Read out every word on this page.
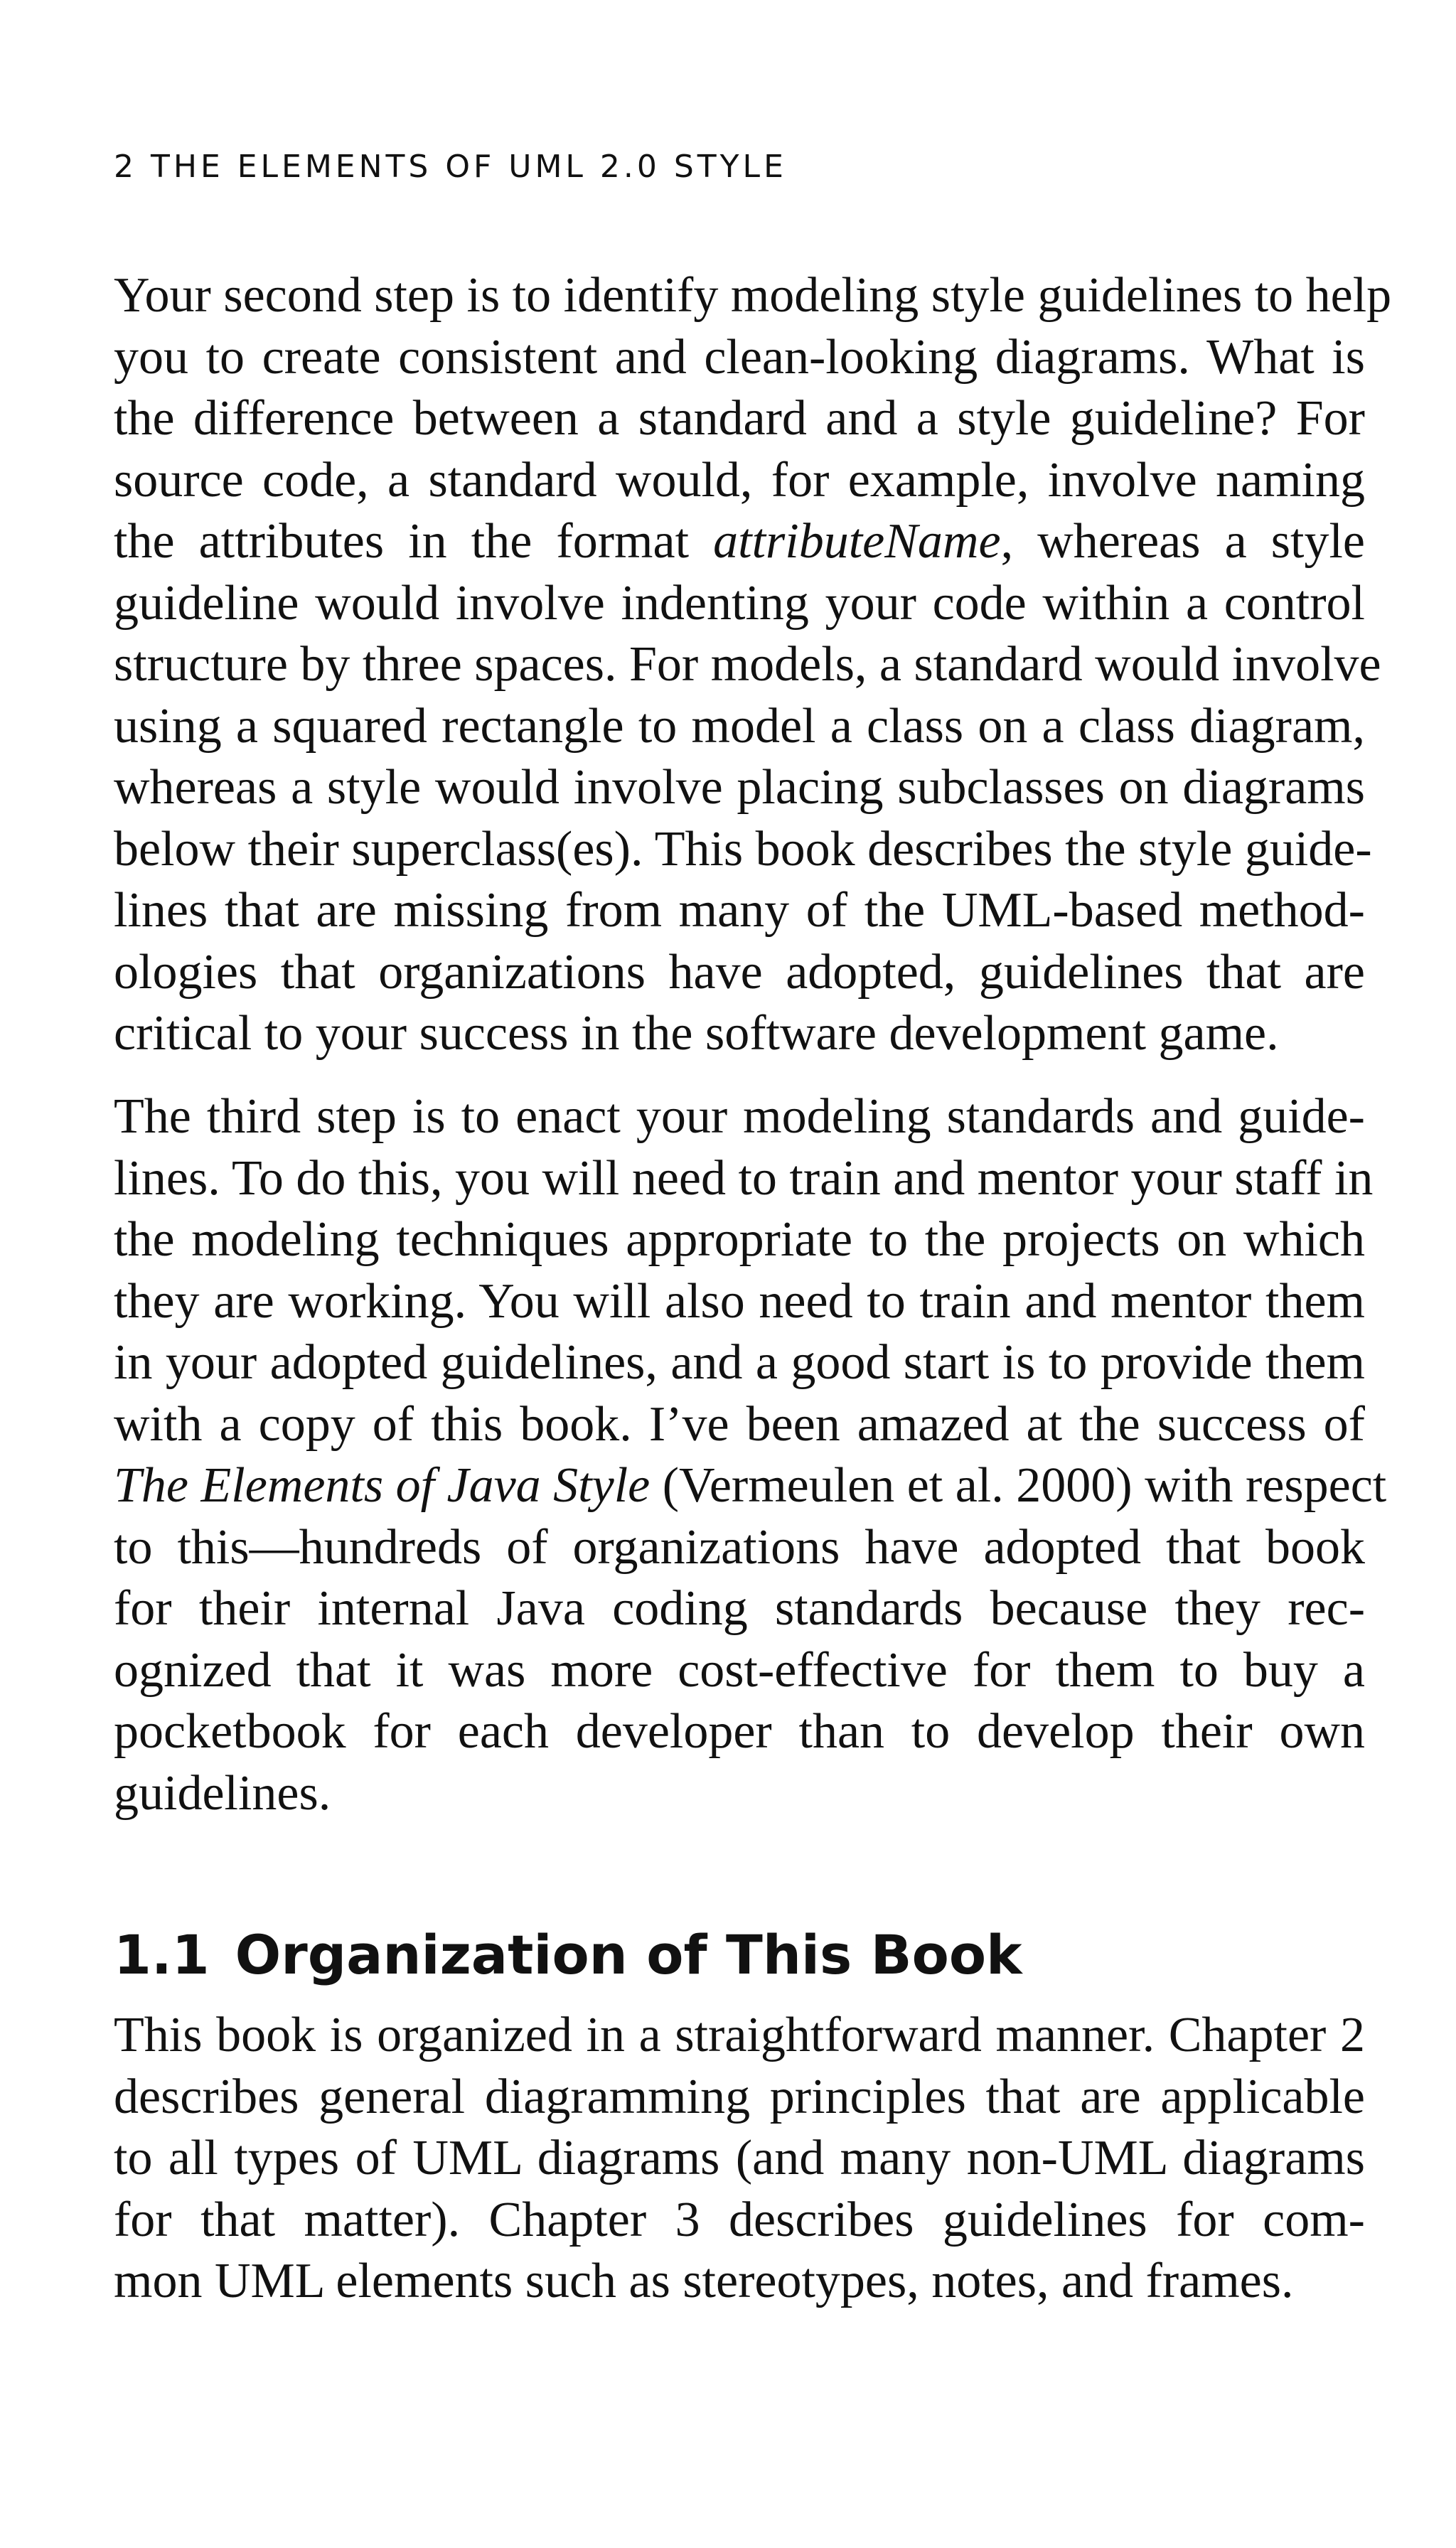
2 THE ELEMENTS OF UML 2.0 STYLE

Your second step is to identify modeling style guidelines to help
you to create consistent and clean-looking diagrams. What is
the difference between a standard and a style guideline? For
source code, a standard would, for example, involve naming
the attributes in the format attributeName, whereas a style
guideline would involve indenting your code within a control
structure by three spaces. For models, a standard would involve
using a squared rectangle to model a class on a class diagram,
whereas a style would involve placing subclasses on diagrams
below their superclass(es). This book describes the style guide-
lines that are missing from many of the UML-based method-
ologies that organizations have adopted, guidelines that are
critical to your success in the software development game.

The third step is to enact your modeling standards and guide-
lines. To do this, you will need to train and mentor your staff in
the modeling techniques appropriate to the projects on which
they are working. You will also need to train and mentor them
in your adopted guidelines, and a good start is to provide them
with a copy of this book. I’ve been amazed at the success of
The Elements of Java Style (Vermeulen et al. 2000) with respect
to this—hundreds of organizations have adopted that book
for their internal Java coding standards because they rec-
ognized that it was more cost-effective for them to buy a
pocketbook for each developer than to develop their own
guidelines.

1.1 Organization of This Book

This book is organized in a straightforward manner. Chapter 2
describes general diagramming principles that are applicable
to all types of UML diagrams (and many non-UML diagrams
for that matter). Chapter 3 describes guidelines for com-
mon UML elements such as stereotypes, notes, and frames.
